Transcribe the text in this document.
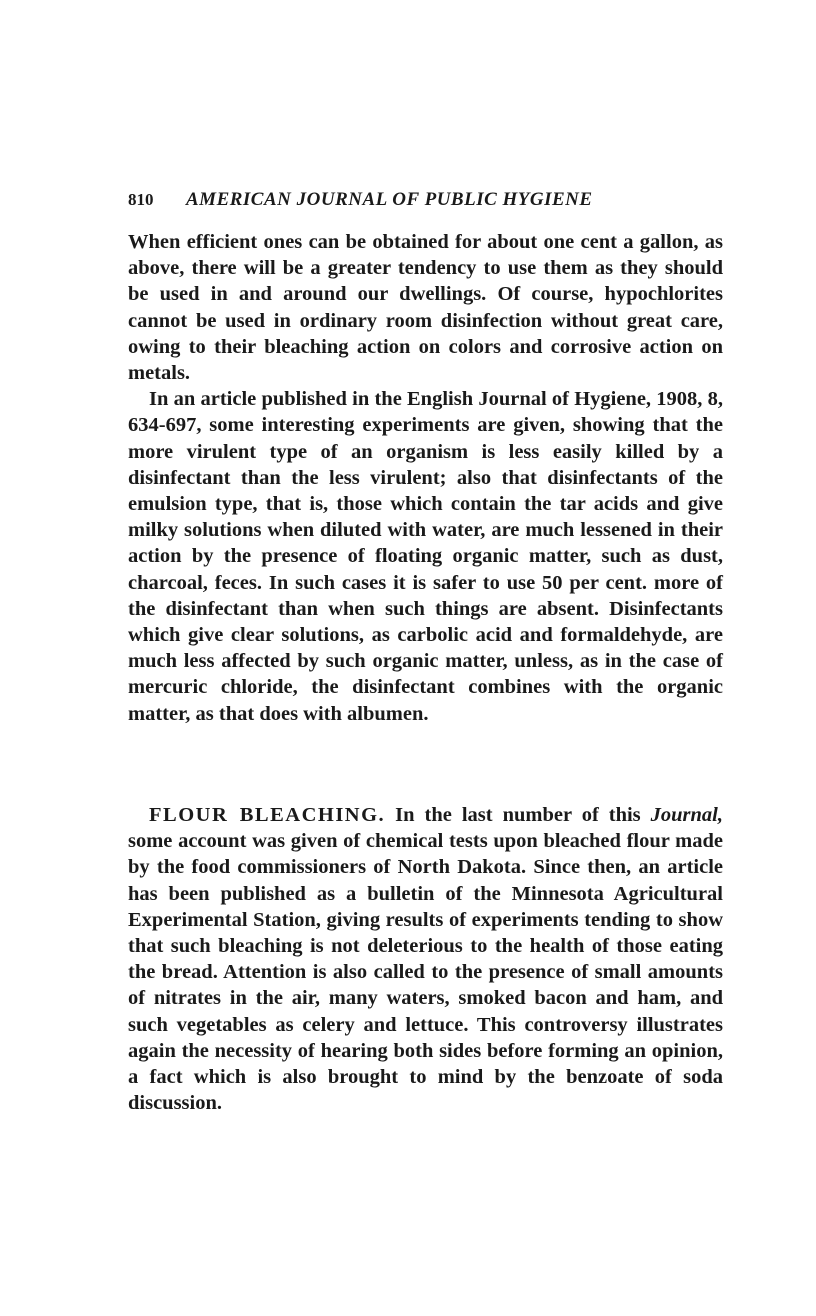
810 AMERICAN JOURNAL OF PUBLIC HYGIENE

When efficient ones can be obtained for about one cent a gallon, as above, there will be a greater tendency to use them as they should be used in and around our dwellings. Of course, hypochlorites cannot be used in ordinary room disinfection without great care, owing to their bleaching action on colors and corrosive action on metals.

In an article published in the English Journal of Hygiene, 1908, 8, 634-697, some interesting experiments are given, showing that the more virulent type of an organism is less easily killed by a disinfectant than the less virulent; also that disinfectants of the emulsion type, that is, those which contain the tar acids and give milky solutions when diluted with water, are much lessened in their action by the presence of floating organic matter, such as dust, charcoal, feces. In such cases it is safer to use 50 per cent. more of the disinfectant than when such things are absent. Disinfectants which give clear solutions, as carbolic acid and formaldehyde, are much less affected by such organic matter, unless, as in the case of mercuric chloride, the disinfectant combines with the organic matter, as that does with albumen.

FLOUR BLEACHING. In the last number of this Journal, some account was given of chemical tests upon bleached flour made by the food commissioners of North Dakota. Since then, an article has been published as a bulletin of the Minnesota Agricultural Experimental Station, giving results of experiments tending to show that such bleaching is not deleterious to the health of those eating the bread. Attention is also called to the presence of small amounts of nitrates in the air, many waters, smoked bacon and ham, and such vegetables as celery and lettuce. This controversy illustrates again the necessity of hearing both sides before forming an opinion, a fact which is also brought to mind by the benzoate of soda discussion.
